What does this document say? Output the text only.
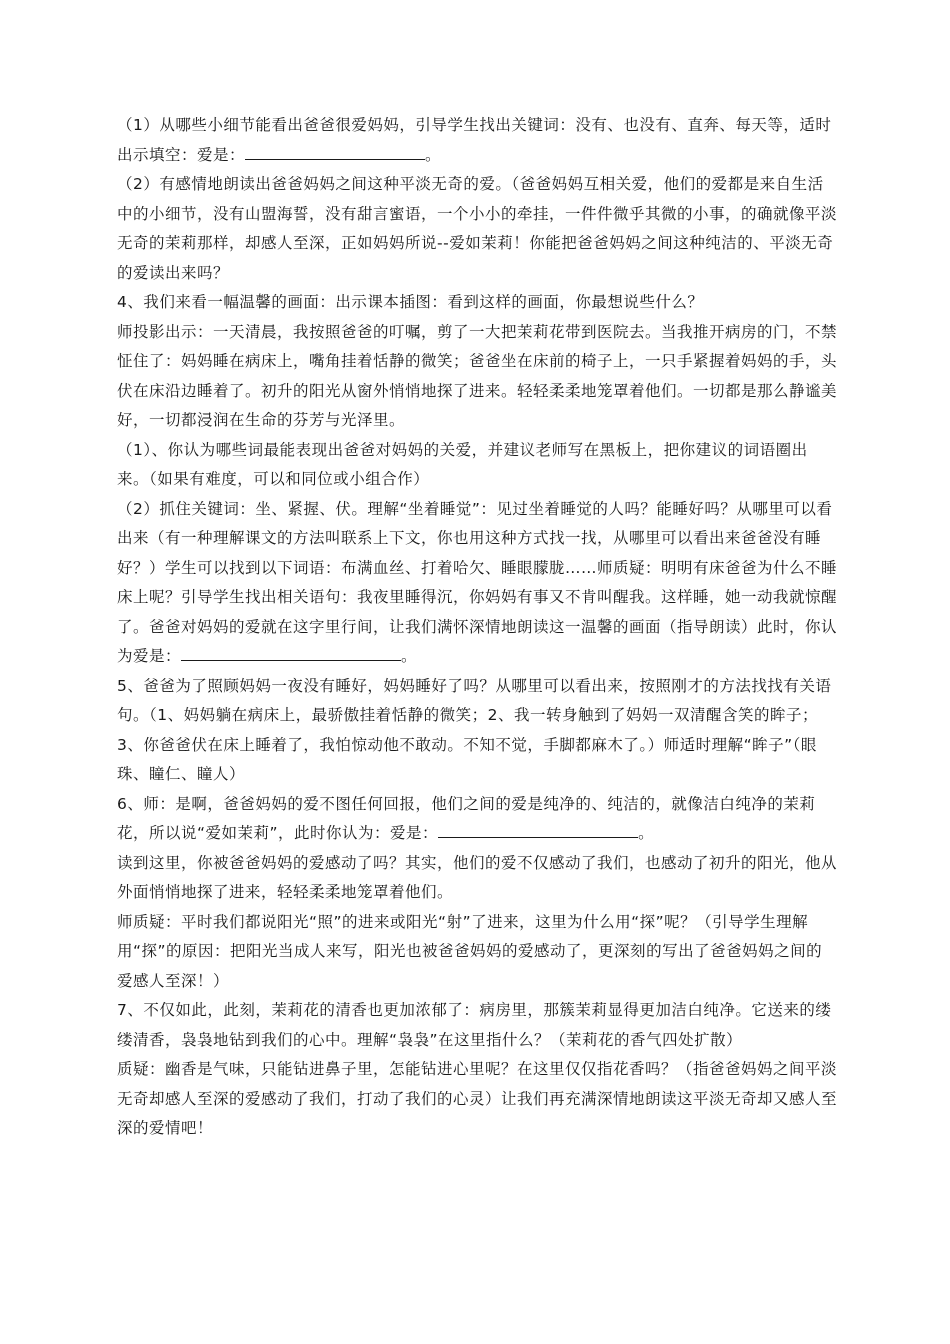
（1）从哪些小细节能看出爸爸很爱妈妈，引导学生找出关键词：没有、也没有、直奔、每天等，适时出示填空：爱是：	。

（2）有感情地朗读出爸爸妈妈之间这种平淡无奇的爱。（爸爸妈妈互相关爱，他们的爱都是来自生活中的小细节，没有山盟海誓，没有甜言蜜语，一个小小的牵挂，一件件微乎其微的小事，的确就像平淡无奇的茉莉那样，却感人至深，正如妈妈所说--爱如茉莉！你能把爸爸妈妈之间这种纯洁的、平淡无奇的爱读出来吗？

4、我们来看一幅温馨的画面：出示课本插图：看到这样的画面，你最想说些什么？

师投影出示：一天清晨，我按照爸爸的叮嘱，剪了一大把茉莉花带到医院去。当我推开病房的门，不禁怔住了：妈妈睡在病床上，嘴角挂着恬静的微笑；爸爸坐在床前的椅子上，一只手紧握着妈妈的手，头伏在床沿边睡着了。初升的阳光从窗外悄悄地探了进来。轻轻柔柔地笼罩着他们。一切都是那么静谧美好，一切都浸润在生命的芬芳与光泽里。

（1）、你认为哪些词最能表现出爸爸对妈妈的关爱，并建议老师写在黑板上，把你建议的词语圈出来。（如果有难度，可以和同位或小组合作）

（2）抓住关键词：坐、紧握、伏。理解“坐着睡觉”：见过坐着睡觉的人吗？能睡好吗？从哪里可以看出来（有一种理解课文的方法叫联系上下文，你也用这种方式找一找，从哪里可以看出来爸爸没有睡好？）学生可以找到以下词语：布满血丝、打着哈欠、睡眼朦胧……师质疑：明明有床爸爸为什么不睡床上呢？引导学生找出相关语句：我夜里睡得沉，你妈妈有事又不肯叫醒我。这样睡，她一动我就惊醒了。爸爸对妈妈的爱就在这字里行间，让我们满怀深情地朗读这一温馨的画面（指导朗读）此时，你认为爱是：	。

5、爸爸为了照顾妈妈一夜没有睡好，妈妈睡好了吗？从哪里可以看出来，按照刚才的方法找找有关语句。（1、妈妈躺在病床上，最骄傲挂着恬静的微笑；2、我一转身触到了妈妈一双清醒含笑的眸子；3、你爸爸伏在床上睡着了，我怕惊动他不敢动。不知不觉，手脚都麻木了。）师适时理解“眸子”（眼珠、瞳仁、瞳人）

6、师：是啊，爸爸妈妈的爱不图任何回报，他们之间的爱是纯净的、纯洁的，就像洁白纯净的茉莉花，所以说“爱如茉莉”，此时你认为：爱是：	。

读到这里，你被爸爸妈妈的爱感动了吗？其实，他们的爱不仅感动了我们，也感动了初升的阳光，他从外面悄悄地探了进来，轻轻柔柔地笼罩着他们。

师质疑：平时我们都说阳光“照”的进来或阳光“射”了进来，这里为什么用“探”呢？（引导学生理解用“探”的原因：把阳光当成人来写，阳光也被爸爸妈妈的爱感动了，更深刻的写出了爸爸妈妈之间的爱感人至深！）

7、不仅如此，此刻，茉莉花的清香也更加浓郁了：病房里，那簇茉莉显得更加洁白纯净。它送来的缕缕清香，袅袅地钻到我们的心中。理解“袅袅”在这里指什么？（茉莉花的香气四处扩散）

质疑：幽香是气味，只能钻进鼻子里，怎能钻进心里呢？在这里仅仅指花香吗？（指爸爸妈妈之间平淡无奇却感人至深的爱感动了我们，打动了我们的心灵）让我们再充满深情地朗读这平淡无奇却又感人至深的爱情吧！
